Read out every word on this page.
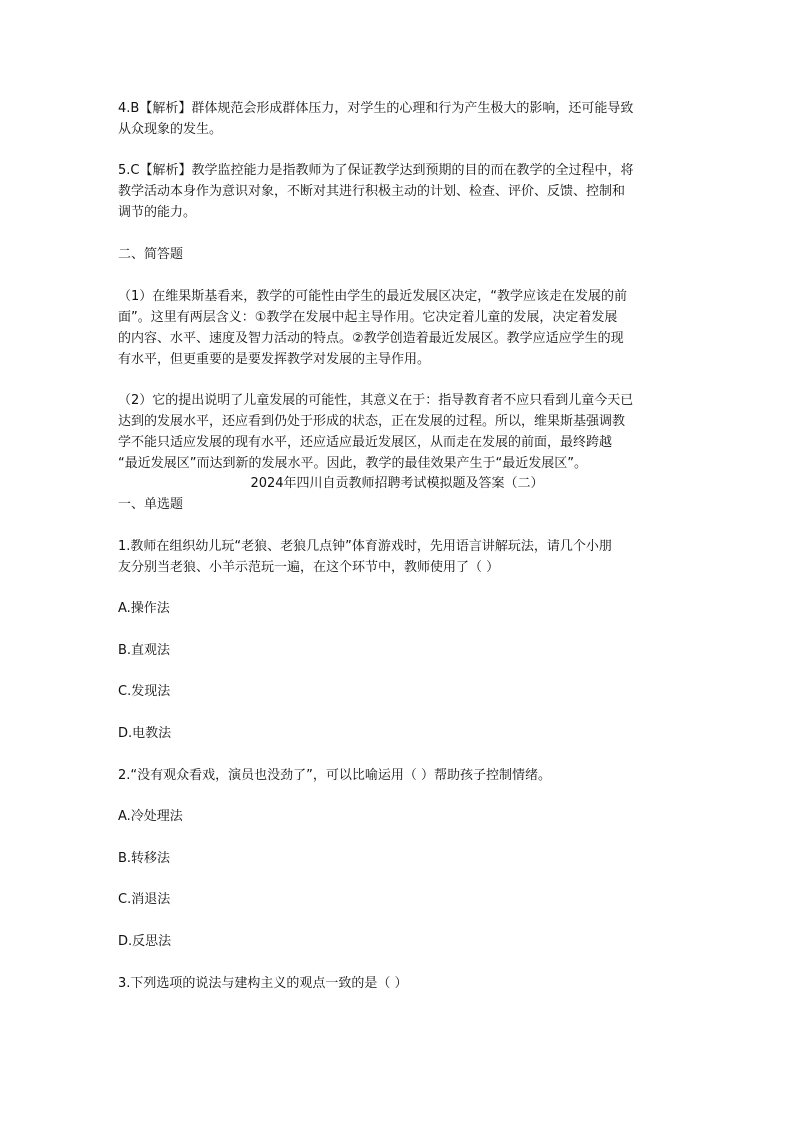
4.B【解析】群体规范会形成群体压力，对学生的心理和行为产生极大的影响，还可能导致
从众现象的发生。
5.C【解析】教学监控能力是指教师为了保证教学达到预期的目的而在教学的全过程中，将
教学活动本身作为意识对象，不断对其进行积极主动的计划、检查、评价、反馈、控制和
调节的能力。
二、简答题
（1）在维果斯基看来，教学的可能性由学生的最近发展区决定，“教学应该走在发展的前
面”。这里有两层含义：①教学在发展中起主导作用。它决定着儿童的发展，决定着发展
的内容、水平、速度及智力活动的特点。②教学创造着最近发展区。教学应适应学生的现
有水平，但更重要的是要发挥教学对发展的主导作用。
（2）它的提出说明了儿童发展的可能性，其意义在于：指导教育者不应只看到儿童今天已
达到的发展水平，还应看到仍处于形成的状态，正在发展的过程。所以，维果斯基强调教
学不能只适应发展的现有水平，还应适应最近发展区，从而走在发展的前面，最终跨越
“最近发展区”而达到新的发展水平。因此，教学的最佳效果产生于“最近发展区”。
2024年四川自贡教师招聘考试模拟题及答案（二）
一、单选题
1.教师在组织幼儿玩“老狼、老狼几点钟”体育游戏时，先用语言讲解玩法，请几个小朋
友分别当老狼、小羊示范玩一遍，在这个环节中，教师使用了（ ）
A.操作法
B.直观法
C.发现法
D.电教法
2.“没有观众看戏，演员也没劲了”，可以比喻运用（ ）帮助孩子控制情绪。
A.冷处理法
B.转移法
C.消退法
D.反思法
3.下列选项的说法与建构主义的观点一致的是（ ）
